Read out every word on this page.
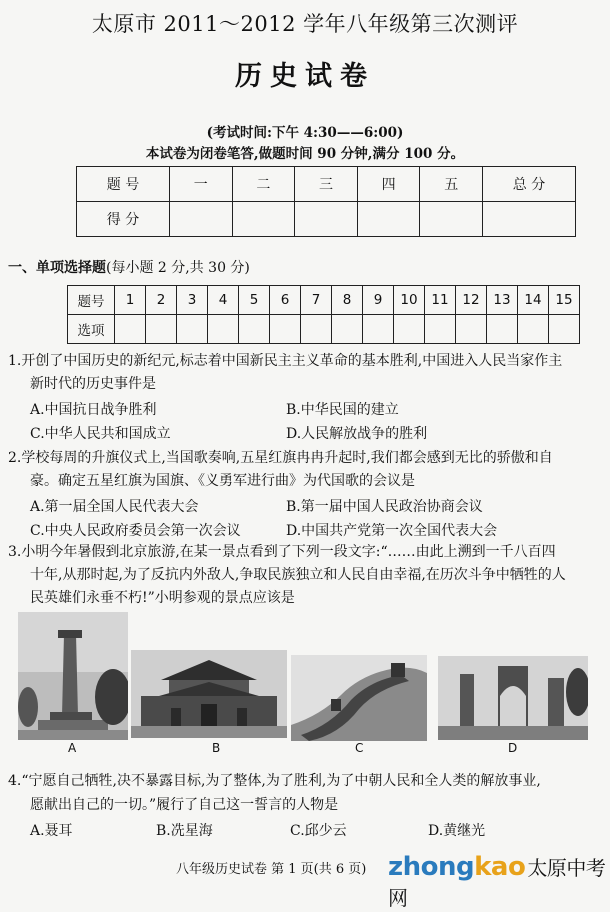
太原市 2011～2012 学年八年级第三次测评
历史试卷
(考试时间:下午 4:30——6:00)
本试卷为闭卷笔答,做题时间 90 分钟,满分 100 分。
题 号	一	二	三	四	五	总 分
得 分						
一、单项选择题(每小题 2 分,共 30 分)
题号	1	2	3	4	5	6	7	8	9	10	11	12	13	14	15
选项															
1.开创了中国历史的新纪元,标志着中国新民主主义革命的基本胜利,中国进入人民当家作主
新时代的历史事件是
A.中国抗日战争胜利	B.中华民国的建立
C.中华人民共和国成立	D.人民解放战争的胜利
2.学校每周的升旗仪式上,当国歌奏响,五星红旗冉冉升起时,我们都会感到无比的骄傲和自
豪。确定五星红旗为国旗、《义勇军进行曲》为代国歌的会议是
A.第一届全国人民代表大会	B.第一届中国人民政治协商会议
C.中央人民政府委员会第一次会议	D.中国共产党第一次全国代表大会
3.小明今年暑假到北京旅游,在某一景点看到了下列一段文字:“……由此上溯到一千八百四
十年,从那时起,为了反抗内外敌人,争取民族独立和人民自由幸福,在历次斗争中牺牲的人
民英雄们永垂不朽!”小明参观的景点应该是
A	B	C	D
4.“宁愿自己牺牲,决不暴露目标,为了整体,为了胜利,为了中朝人民和全人类的解放事业,
愿献出自己的一切。”履行了自己这一誓言的人物是
A.聂耳	B.冼星海	C.邱少云	D.黄继光
八年级历史试卷 第 1 页(共 6 页) zhongkao 太原中考网
